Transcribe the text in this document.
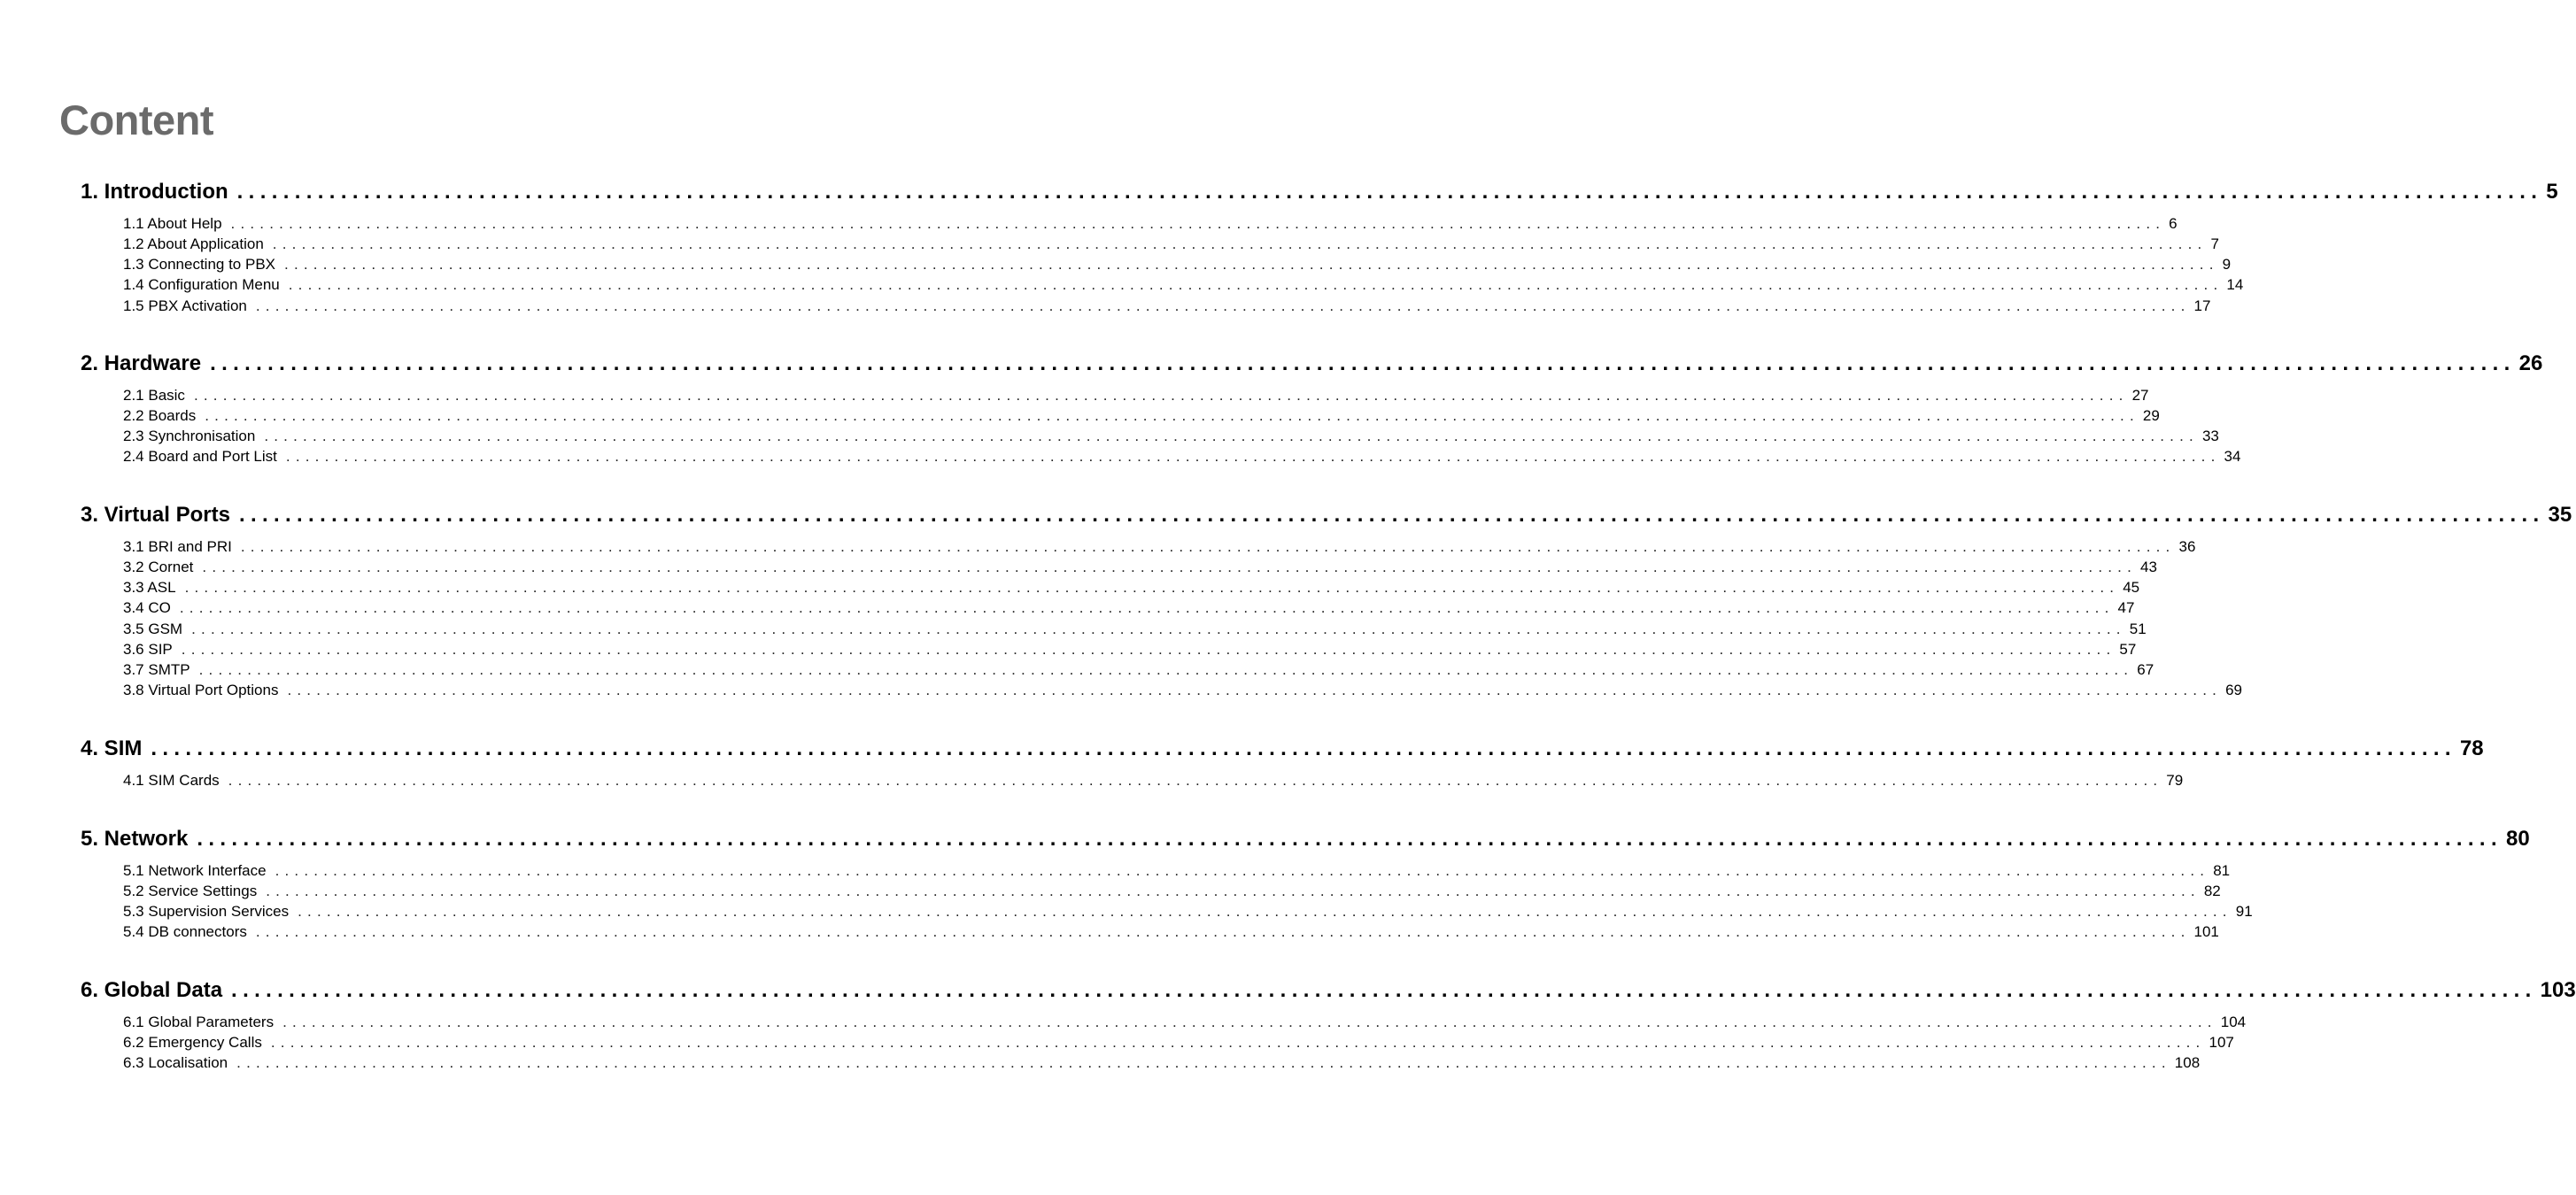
Content
1. Introduction ........................................................................................................................................................................................................ 5
1.1 About Help ........................................................................................................................................................................................................ 6
1.2 About Application ........................................................................................................................................................................................................ 7
1.3 Connecting to PBX ........................................................................................................................................................................................................ 9
1.4 Configuration Menu ........................................................................................................................................................................................................ 14
1.5 PBX Activation ........................................................................................................................................................................................................ 17
2. Hardware ........................................................................................................................................................................................................ 26
2.1 Basic ........................................................................................................................................................................................................ 27
2.2 Boards ........................................................................................................................................................................................................ 29
2.3 Synchronisation ........................................................................................................................................................................................................ 33
2.4 Board and Port List ........................................................................................................................................................................................................ 34
3. Virtual Ports ........................................................................................................................................................................................................ 35
3.1 BRI and PRI ........................................................................................................................................................................................................ 36
3.2 Cornet ........................................................................................................................................................................................................ 43
3.3 ASL ........................................................................................................................................................................................................ 45
3.4 CO ........................................................................................................................................................................................................ 47
3.5 GSM ........................................................................................................................................................................................................ 51
3.6 SIP ........................................................................................................................................................................................................ 57
3.7 SMTP ........................................................................................................................................................................................................ 67
3.8 Virtual Port Options ........................................................................................................................................................................................................ 69
4. SIM ........................................................................................................................................................................................................ 78
4.1 SIM Cards ........................................................................................................................................................................................................ 79
5. Network ........................................................................................................................................................................................................ 80
5.1 Network Interface ........................................................................................................................................................................................................ 81
5.2 Service Settings ........................................................................................................................................................................................................ 82
5.3 Supervision Services ........................................................................................................................................................................................................ 91
5.4 DB connectors ........................................................................................................................................................................................................ 101
6. Global Data ........................................................................................................................................................................................................ 103
6.1 Global Parameters ........................................................................................................................................................................................................ 104
6.2 Emergency Calls ........................................................................................................................................................................................................ 107
6.3 Localisation ........................................................................................................................................................................................................ 108
